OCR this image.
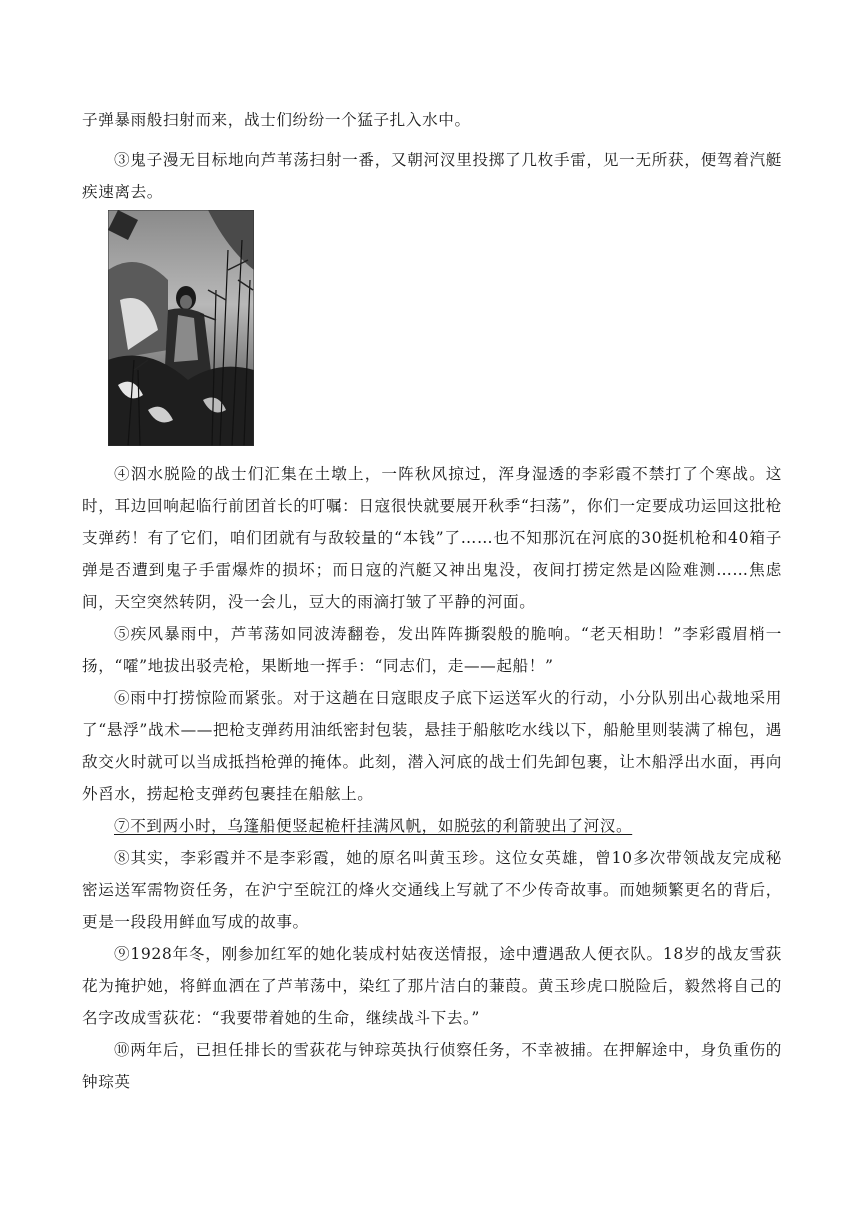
子弹暴雨般扫射而来，战士们纷纷一个猛子扎入水中。

③鬼子漫无目标地向芦苇荡扫射一番，又朝河汊里投掷了几枚手雷，见一无所获，便驾着汽艇疾速离去。

④泅水脱险的战士们汇集在土墩上，一阵秋风掠过，浑身湿透的李彩霞不禁打了个寒战。这时，耳边回响起临行前团首长的叮嘱：日寇很快就要展开秋季“扫荡”，你们一定要成功运回这批枪支弹药！有了它们，咱们团就有与敌较量的“本钱”了……也不知那沉在河底的30挺机枪和40箱子弹是否遭到鬼子手雷爆炸的损坏；而日寇的汽艇又神出鬼没，夜间打捞定然是凶险难测……焦虑间，天空突然转阴，没一会儿，豆大的雨滴打皱了平静的河面。

⑤疾风暴雨中，芦苇荡如同波涛翻卷，发出阵阵撕裂般的脆响。“老天相助！”李彩霞眉梢一扬，“嚯”地拔出驳壳枪，果断地一挥手：“同志们，走——起船！”

⑥雨中打捞惊险而紧张。对于这趟在日寇眼皮子底下运送军火的行动，小分队别出心裁地采用了“悬浮”战术——把枪支弹药用油纸密封包装，悬挂于船舷吃水线以下，船舱里则装满了棉包，遇敌交火时就可以当成抵挡枪弹的掩体。此刻，潜入河底的战士们先卸包裹，让木船浮出水面，再向外舀水，捞起枪支弹药包裹挂在船舷上。

⑦不到两小时，乌篷船便竖起桅杆挂满风帆，如脱弦的利箭驶出了河汊。

⑧其实，李彩霞并不是李彩霞，她的原名叫黄玉珍。这位女英雄，曾10多次带领战友完成秘密运送军需物资任务，在沪宁至皖江的烽火交通线上写就了不少传奇故事。而她频繁更名的背后，更是一段段用鲜血写成的故事。

⑨1928年冬，刚参加红军的她化装成村姑夜送情报，途中遭遇敌人便衣队。18岁的战友雪荻花为掩护她，将鲜血洒在了芦苇荡中，染红了那片洁白的蒹葭。黄玉珍虎口脱险后，毅然将自己的名字改成雪荻花：“我要带着她的生命，继续战斗下去。”

⑩两年后，已担任排长的雪荻花与钟琮英执行侦察任务，不幸被捕。在押解途中，身负重伤的钟琮英
